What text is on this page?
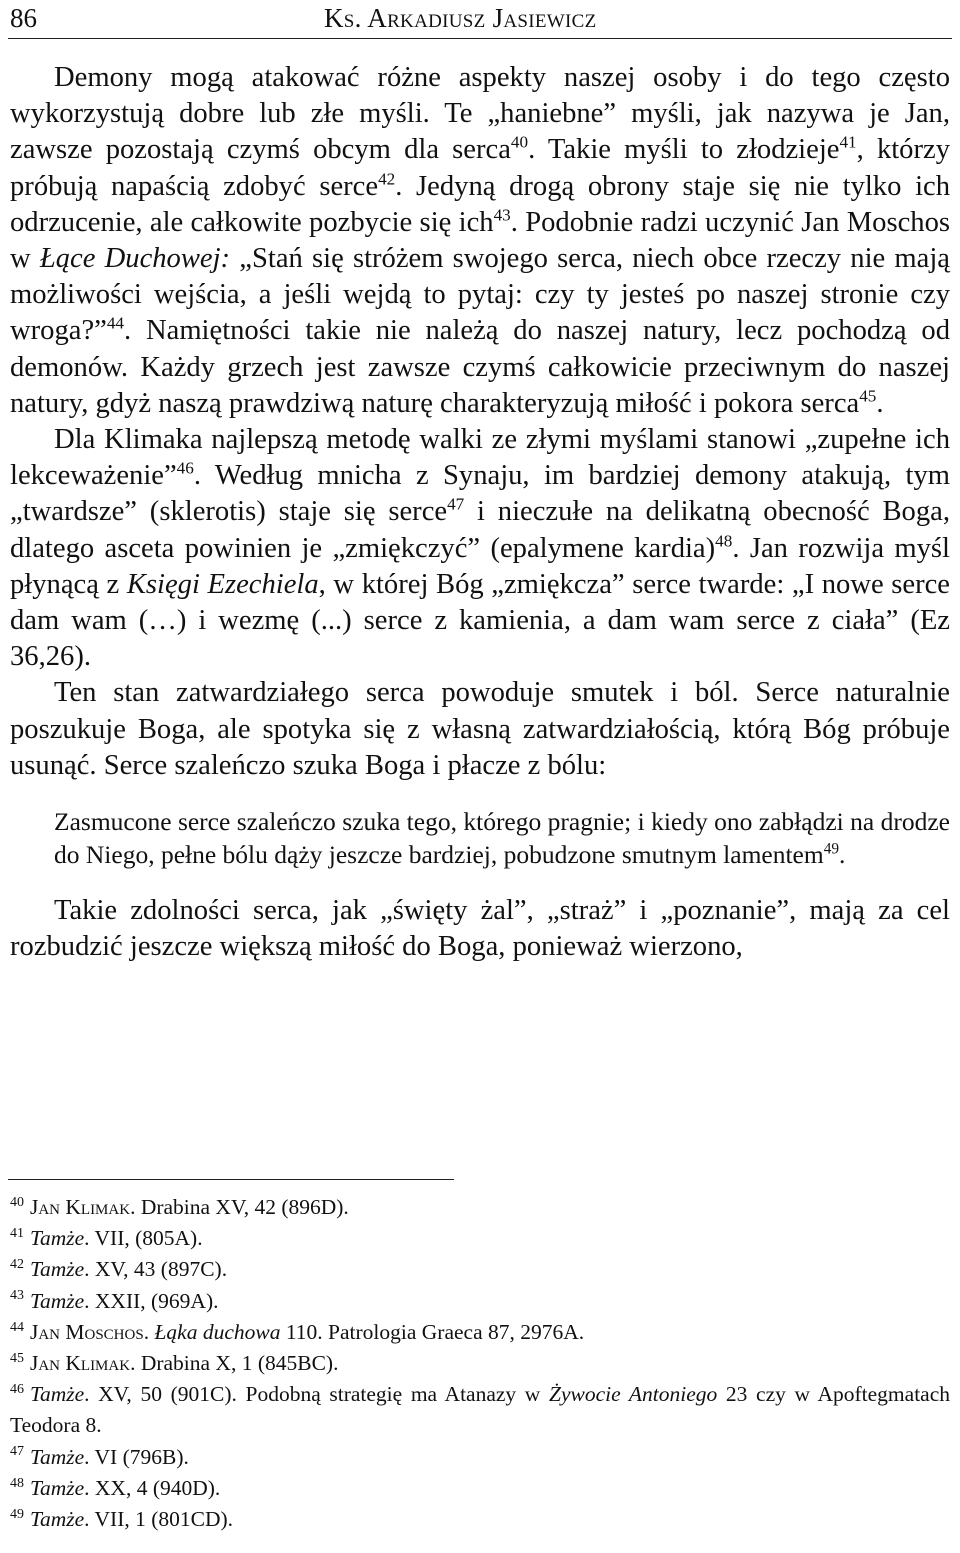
86	Ks. Arkadiusz Jasiewicz

Demony mogą atakować różne aspekty naszej osoby i do tego często wykorzystują dobre lub złe myśli. Te „haniebne” myśli, jak nazywa je Jan, zawsze pozostają czymś obcym dla serca$^{40}$. Takie myśli to złodzieje$^{41}$, którzy próbują napaścią zdobyć serce$^{42}$. Jedyną drogą obrony staje się nie tylko ich odrzucenie, ale całkowite pozbycie się ich$^{43}$. Podobnie radzi uczynić Jan Moschos w Łące Duchowej: „Stań się stróżem swojego serca, niech obce rzeczy nie mają możliwości wejścia, a jeśli wejdą to pytaj: czy ty jesteś po naszej stronie czy wroga?”$^{44}$. Namiętności takie nie należą do naszej natury, lecz pochodzą od demonów. Każdy grzech jest zawsze czymś całkowicie przeciwnym do naszej natury, gdyż naszą prawdziwą naturę charakteryzują miłość i pokora serca$^{45}$.

Dla Klimaka najlepszą metodę walki ze złymi myślami stanowi „zupełne ich lekceważenie”$^{46}$. Według mnicha z Synaju, im bardziej demony atakują, tym „twardsze” (sklerotis) staje się serce$^{47}$ i nieczułe na delikatną obecność Boga, dlatego asceta powinien je „zmiękczyć” (epalymene kardia)$^{48}$. Jan rozwija myśl płynącą z Księgi Ezechiela, w której Bóg „zmiękcza” serce twarde: „I nowe serce dam wam (…) i wezmę (...) serce z kamienia, a dam wam serce z ciała” (Ez 36,26).

Ten stan zatwardziałego serca powoduje smutek i ból. Serce naturalnie poszukuje Boga, ale spotyka się z własną zatwardziałością, którą Bóg próbuje usunąć. Serce szaleńczo szuka Boga i płacze z bólu:

Zasmucone serce szaleńczo szuka tego, którego pragnie; i kiedy ono zabłądzi na drodze do Niego, pełne bólu dąży jeszcze bardziej, pobudzone smutnym lamentem$^{49}$.

Takie zdolności serca, jak „święty żal”, „straż” i „poznanie”, mają za cel rozbudzić jeszcze większą miłość do Boga, ponieważ wierzono,

$^{40}$ Jan Klimak. Drabina XV, 42 (896D).
$^{41}$ Tamże. VII, (805A).
$^{42}$ Tamże. XV, 43 (897C).
$^{43}$ Tamże. XXII, (969A).
$^{44}$ Jan Moschos. Łąka duchowa 110. Patrologia Graeca 87, 2976A.
$^{45}$ Jan Klimak. Drabina X, 1 (845BC).
$^{46}$ Tamże. XV, 50 (901C). Podobną strategię ma Atanazy w Żywocie Antoniego 23 czy w Apoftegmatach Teodora 8.
$^{47}$ Tamże. VI (796B).
$^{48}$ Tamże. XX, 4 (940D).
$^{49}$ Tamże. VII, 1 (801CD).
